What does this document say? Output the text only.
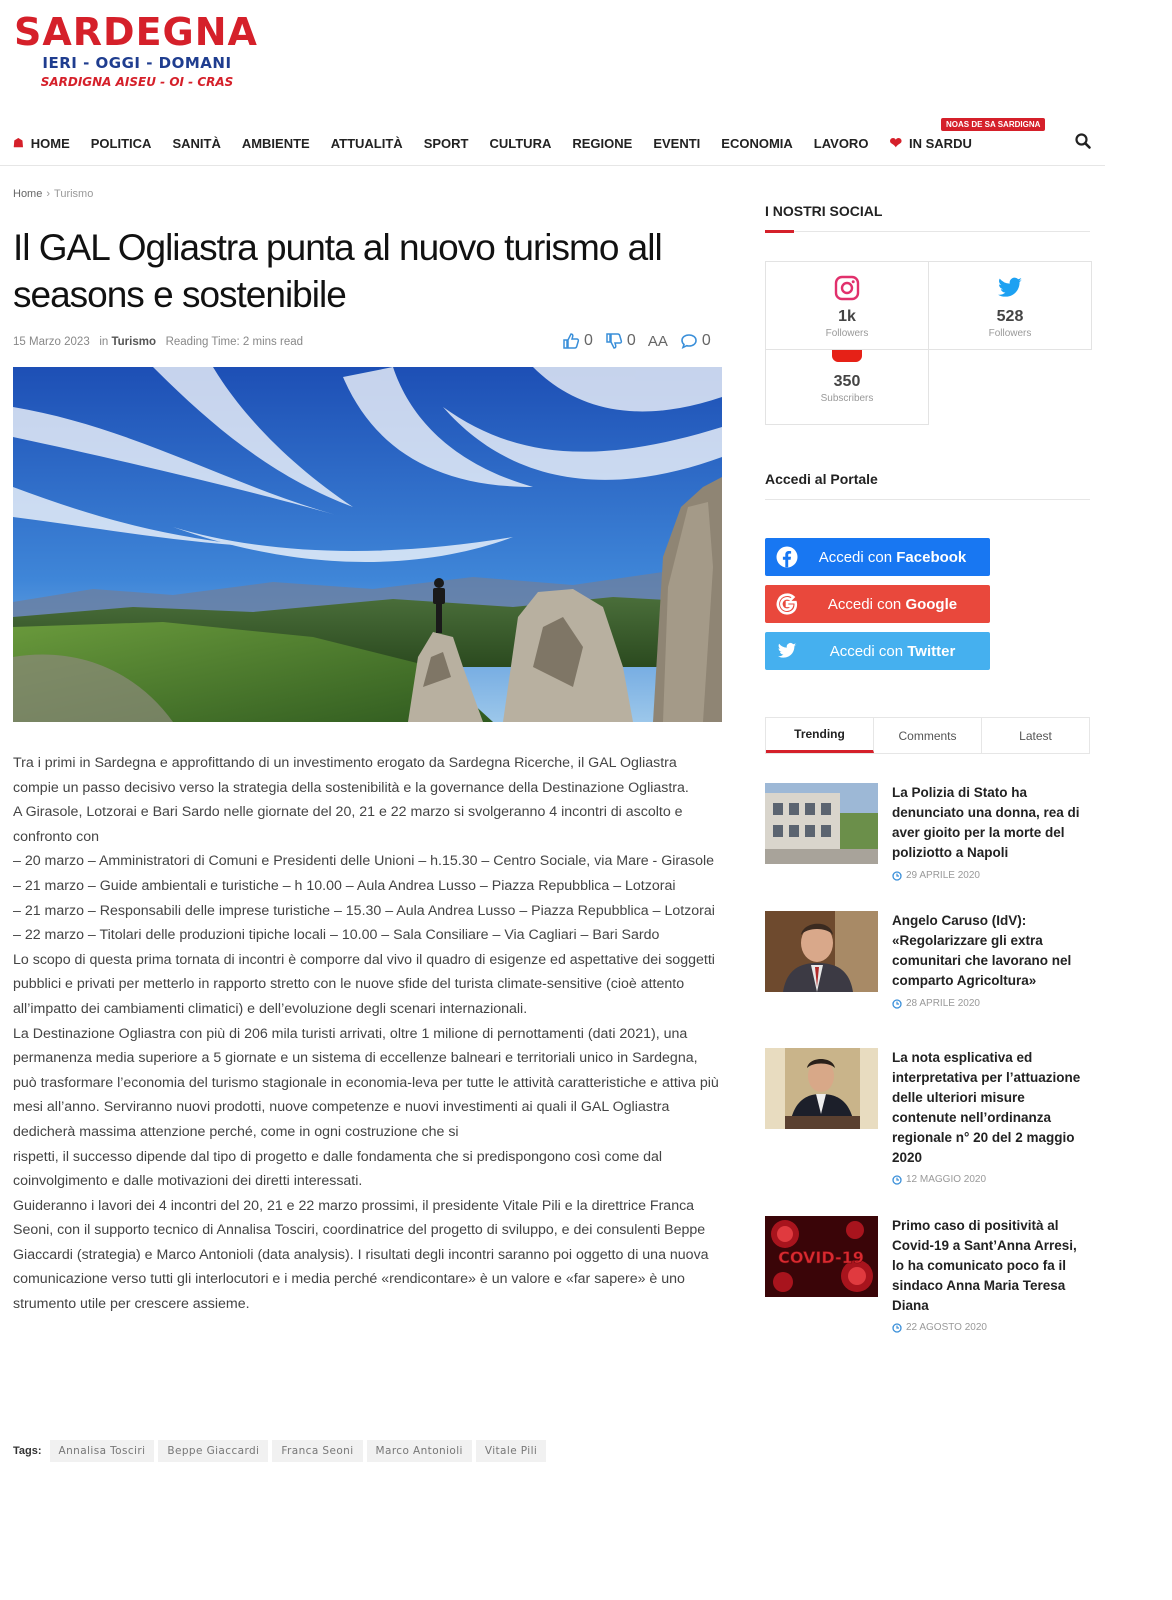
SARDEGNA
IERI - OGGI - DOMANI
SARDIGNA AISEU - OI - CRAS
☗ HOME POLITICA SANITÀ AMBIENTE ATTUALITÀ SPORT CULTURA REGIONE EVENTI ECONOMIA LAVORO ❤ IN SARDU
NOAS DE SA SARDIGNA
Home › Turismo
Il GAL Ogliastra punta al nuovo turismo all seasons e sostenibile
15 Marzo 2023 in Turismo Reading Time: 2 mins read	0 0 AA 0

Tra i primi in Sardegna e approfittando di un investimento erogato da Sardegna Ricerche, il GAL Ogliastra compie un passo decisivo verso la strategia della sostenibilità e la governance della Destinazione Ogliastra.

A Girasole, Lotzorai e Bari Sardo nelle giornate del 20, 21 e 22 marzo si svolgeranno 4 incontri di ascolto e confronto con

– 20 marzo – Amministratori di Comuni e Presidenti delle Unioni – h.15.30 – Centro Sociale, via Mare - Girasole

– 21 marzo – Guide ambientali e turistiche – h 10.00 – Aula Andrea Lusso – Piazza Repubblica – Lotzorai

– 21 marzo – Responsabili delle imprese turistiche – 15.30 – Aula Andrea Lusso – Piazza Repubblica – Lotzorai

– 22 marzo – Titolari delle produzioni tipiche locali – 10.00 – Sala Consiliare – Via Cagliari – Bari Sardo

Lo scopo di questa prima tornata di incontri è comporre dal vivo il quadro di esigenze ed aspettative dei soggetti pubblici e privati per metterlo in rapporto stretto con le nuove sfide del turista climate-sensitive (cioè attento all’impatto dei cambiamenti climatici) e dell’evoluzione degli scenari internazionali.

La Destinazione Ogliastra con più di 206 mila turisti arrivati, oltre 1 milione di pernottamenti (dati 2021), una permanenza media superiore a 5 giornate e un sistema di eccellenze balneari e territoriali unico in Sardegna, può trasformare l’economia del turismo stagionale in economia-leva per tutte le attività caratteristiche e attiva più mesi all’anno. Serviranno nuovi prodotti, nuove competenze e nuovi investimenti ai quali il GAL Ogliastra dedicherà massima attenzione perché, come in ogni costruzione che si

rispetti, il successo dipende dal tipo di progetto e dalle fondamenta che si predispongono così come dal coinvolgimento e dalle motivazioni dei diretti interessati.

Guideranno i lavori dei 4 incontri del 20, 21 e 22 marzo prossimi, il presidente Vitale Pili e la direttrice Franca Seoni, con il supporto tecnico di Annalisa Tosciri, coordinatrice del progetto di sviluppo, e dei consulenti Beppe Giaccardi (strategia) e Marco Antonioli (data analysis). I risultati degli incontri saranno poi oggetto di una nuova comunicazione verso tutti gli interlocutori e i media perché «rendicontare» è un valore e «far sapere» è uno strumento utile per crescere assieme.

Tags:	Annalisa Tosciri	Beppe Giaccardi	Franca Seoni	Marco Antonioli	Vitale Pili
I NOSTRI SOCIAL
1k
Followers
528
Followers
350
Subscribers
Accedi al Portale
Accedi con Facebook
Accedi con Google
Accedi con Twitter
Trending	Comments	Latest
La Polizia di Stato ha denunciato una donna, rea di aver gioito per la morte del poliziotto a Napoli
29 APRILE 2020
Angelo Caruso (IdV): «Regolarizzare gli extra comunitari che lavorano nel comparto Agricoltura»
28 APRILE 2020
La nota esplicativa ed interpretativa per l’attuazione delle ulteriori misure contenute nell’ordinanza regionale n° 20 del 2 maggio 2020
12 MAGGIO 2020
COVID-19
Primo caso di positività al Covid-19 a Sant’Anna Arresi, lo ha comunicato poco fa il sindaco Anna Maria Teresa Diana
22 AGOSTO 2020
